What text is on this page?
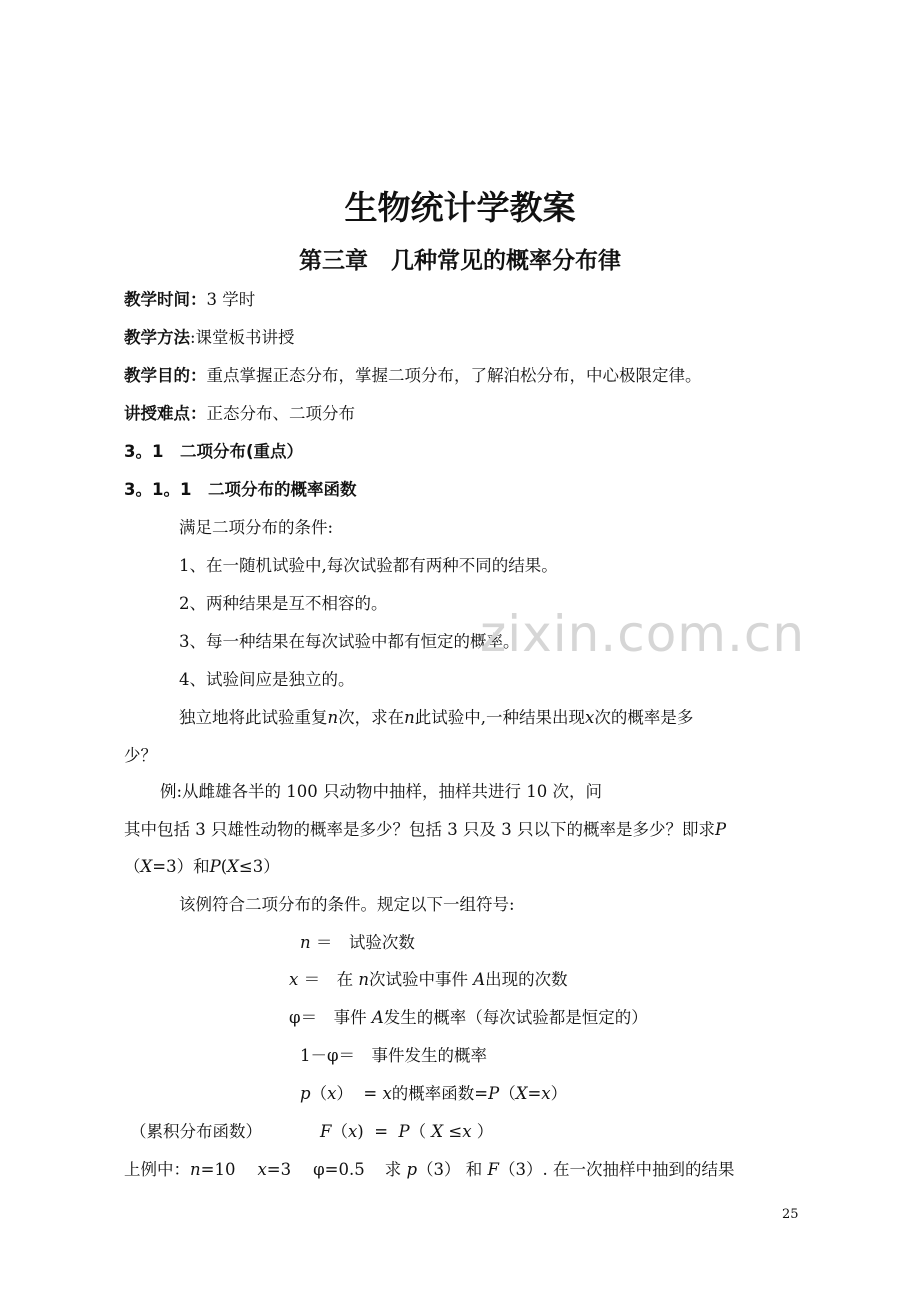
生物统计学教案
第三章　几种常见的概率分布律
教学时间：3 学时
教学方法:课堂板书讲授
教学目的：重点掌握正态分布，掌握二项分布，了解泊松分布，中心极限定律。
讲授难点：正态分布、二项分布
3。1　二项分布(重点）
3。1。1　二项分布的概率函数
满足二项分布的条件:
1、在一随机试验中,每次试验都有两种不同的结果。
2、两种结果是互不相容的。
3、每一种结果在每次试验中都有恒定的概率。
4、试验间应是独立的。
zixin.com.cn
独立地将此试验重复n次，求在n此试验中,一种结果出现x次的概率是多
少？
例:从雌雄各半的 100 只动物中抽样，抽样共进行 10 次，问
其中包括 3 只雄性动物的概率是多少？包括 3 只及 3 只以下的概率是多少？即求P
（X=3）和P(X≤3）
该例符合二项分布的条件。规定以下一组符号:
n ＝　试验次数
x ＝　在 n次试验中事件 A出现的次数
φ＝　事件 A发生的概率（每次试验都是恒定的）
1－φ＝　事件发生的概率
p（x） = x的概率函数=P（X=x）
（累积分布函数）	F（x) = P（ X ≤x ）
上例中：n=10 x=3 φ=0.5 求 p（3） 和 F（3）. 在一次抽样中抽到的结果
25
